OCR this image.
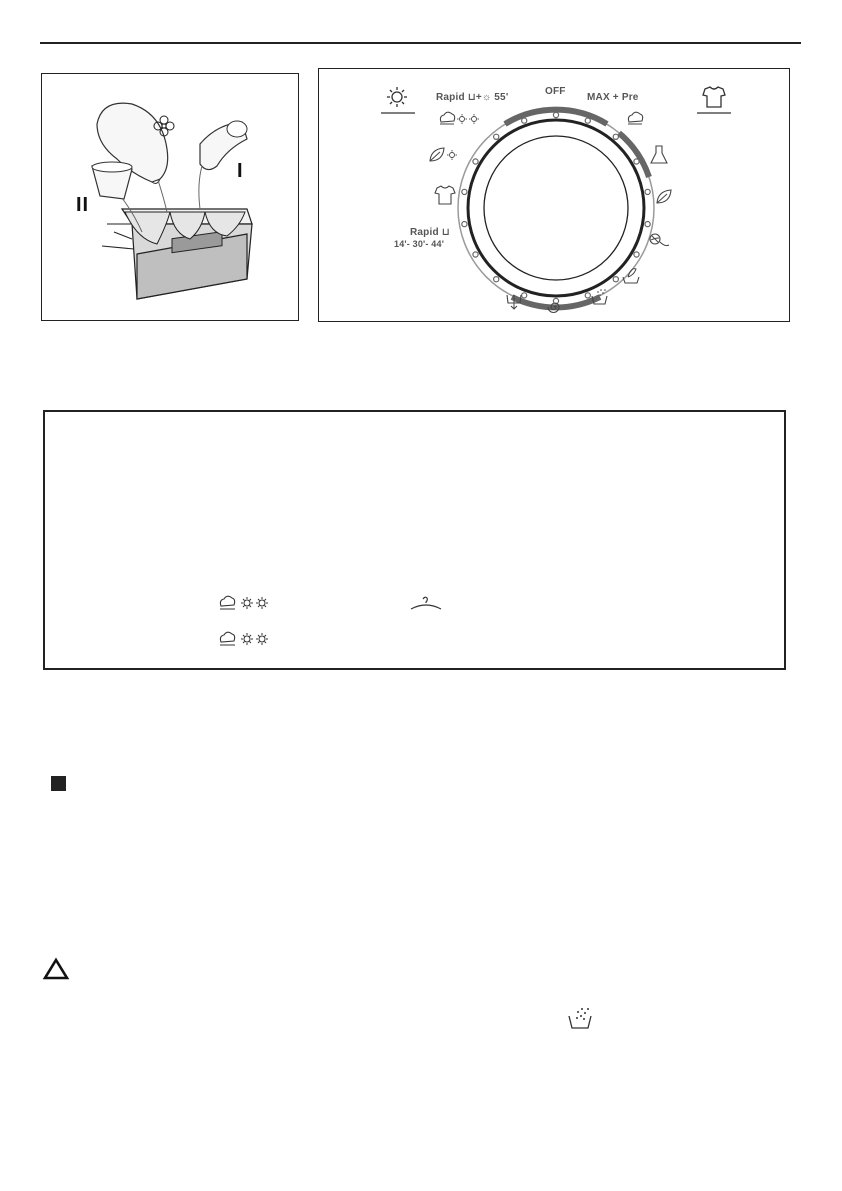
I
II
Rapid ⊔+☼ 55'
OFF
MAX + Pre
Rapid ⊔
14'- 30'- 44'
